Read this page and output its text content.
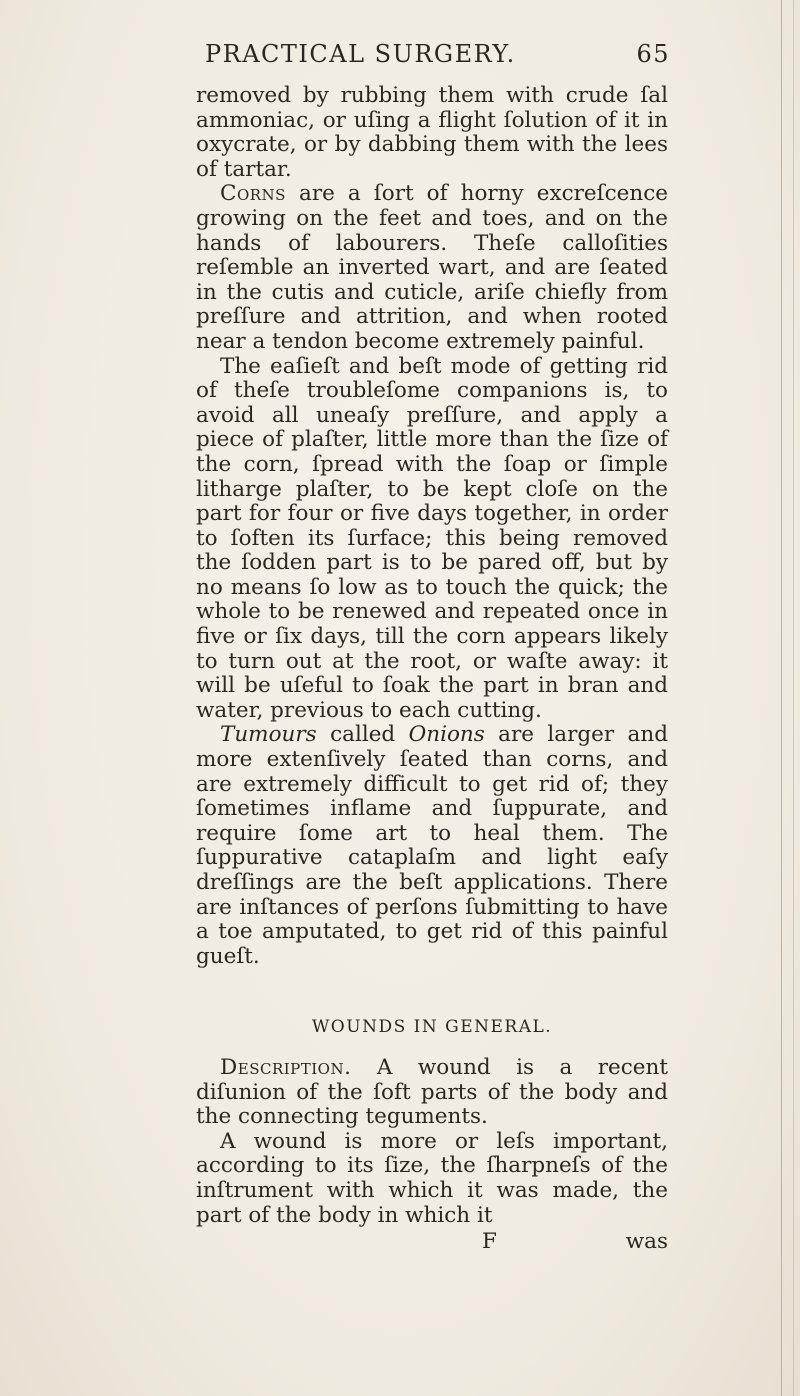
PRACTICAL SURGERY.	65

removed by rubbing them with crude ſal ammoniac, or uſing a flight ſolution of it in oxycrate, or by dabbing them with the lees of tartar.

Corns are a ſort of horny excreſcence growing on the feet and toes, and on the hands of labourers. Theſe calloſities reſemble an inverted wart, and are ſeated in the cutis and cuticle, ariſe chiefly from preſſure and attrition, and when rooted near a tendon become extremely painful.

The eaſieſt and beſt mode of getting rid of theſe troubleſome companions is, to avoid all uneaſy preſſure, and apply a piece of plaſter, little more than the ſize of the corn, ſpread with the ſoap or ſimple litharge plaſter, to be kept cloſe on the part for four or five days together, in order to ſoften its ſurface; this being removed the ſodden part is to be pared off, but by no means ſo low as to touch the quick; the whole to be renewed and repeated once in five or ſix days, till the corn appears likely to turn out at the root, or waſte away: it will be uſeful to ſoak the part in bran and water, previous to each cutting.

Tumours called Onions are larger and more extenſively ſeated than corns, and are extremely difficult to get rid of; they ſometimes inflame and ſuppurate, and require ſome art to heal them. The ſuppurative cataplaſm and light eaſy dreſſings are the beſt applications. There are inſtances of perſons ſubmitting to have a toe amputated, to get rid of this painful gueſt.

WOUNDS IN GENERAL.

Description. A wound is a recent diſunion of the ſoft parts of the body and the connecting teguments.

A wound is more or leſs important, according to its ſize, the ſharpneſs of the inſtrument with which it was made, the part of the body in which it

F	was
